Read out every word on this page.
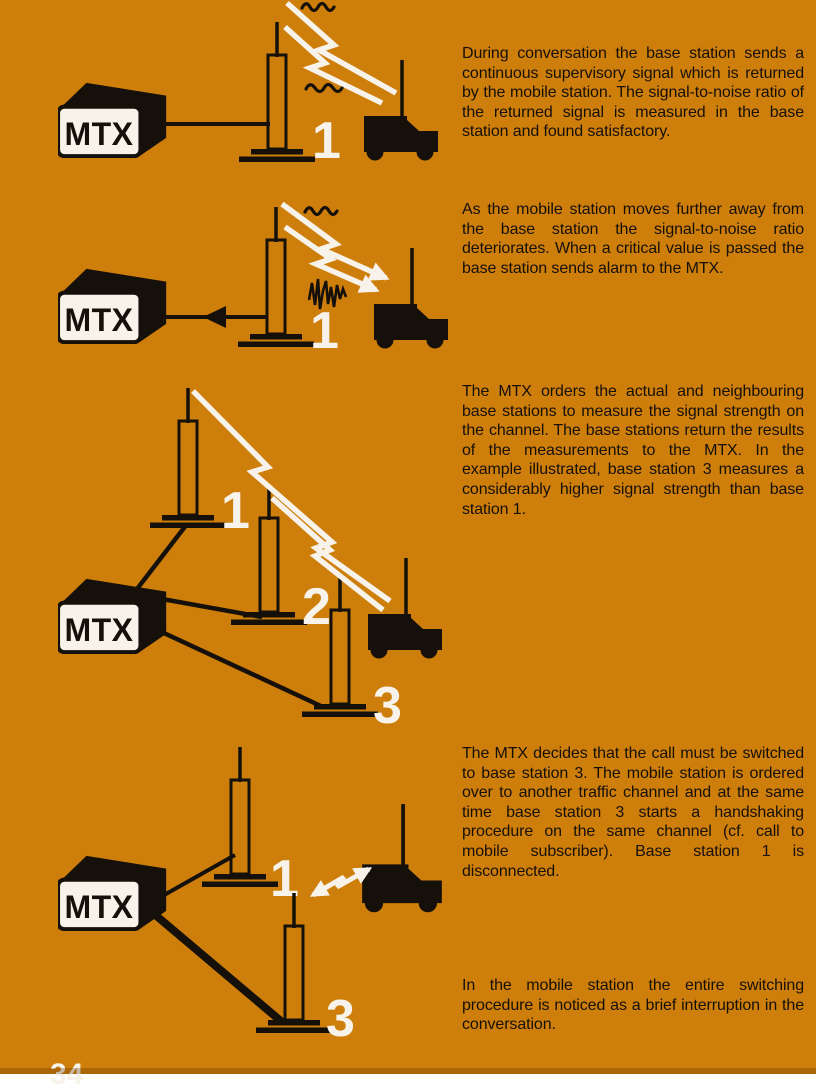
MTX	1
MTX	1
MTX
1
2
3
MTX	1
3
During conversation the base station sends a continuous supervisory signal which is returned by the mobile station. The signal-to-noise ratio of the returned signal is measured in the base station and found satisfactory.
As the mobile station moves further away from the base station the signal-to-noise ratio deteriorates. When a critical value is passed the base station sends alarm to the MTX.
The MTX orders the actual and neighbouring base stations to measure the signal strength on the channel. The base stations return the results of the measurements to the MTX. In the example illustrated, base station 3 measures a considerably higher signal strength than base station 1.
The MTX decides that the call must be switched to base station 3. The mobile station is ordered over to another traffic channel and at the same time base station 3 starts a handshaking procedure on the same channel (cf. call to mobile subscriber). Base station 1 is disconnected.
In the mobile station the entire switching procedure is noticed as a brief interruption in the conversation.
34
